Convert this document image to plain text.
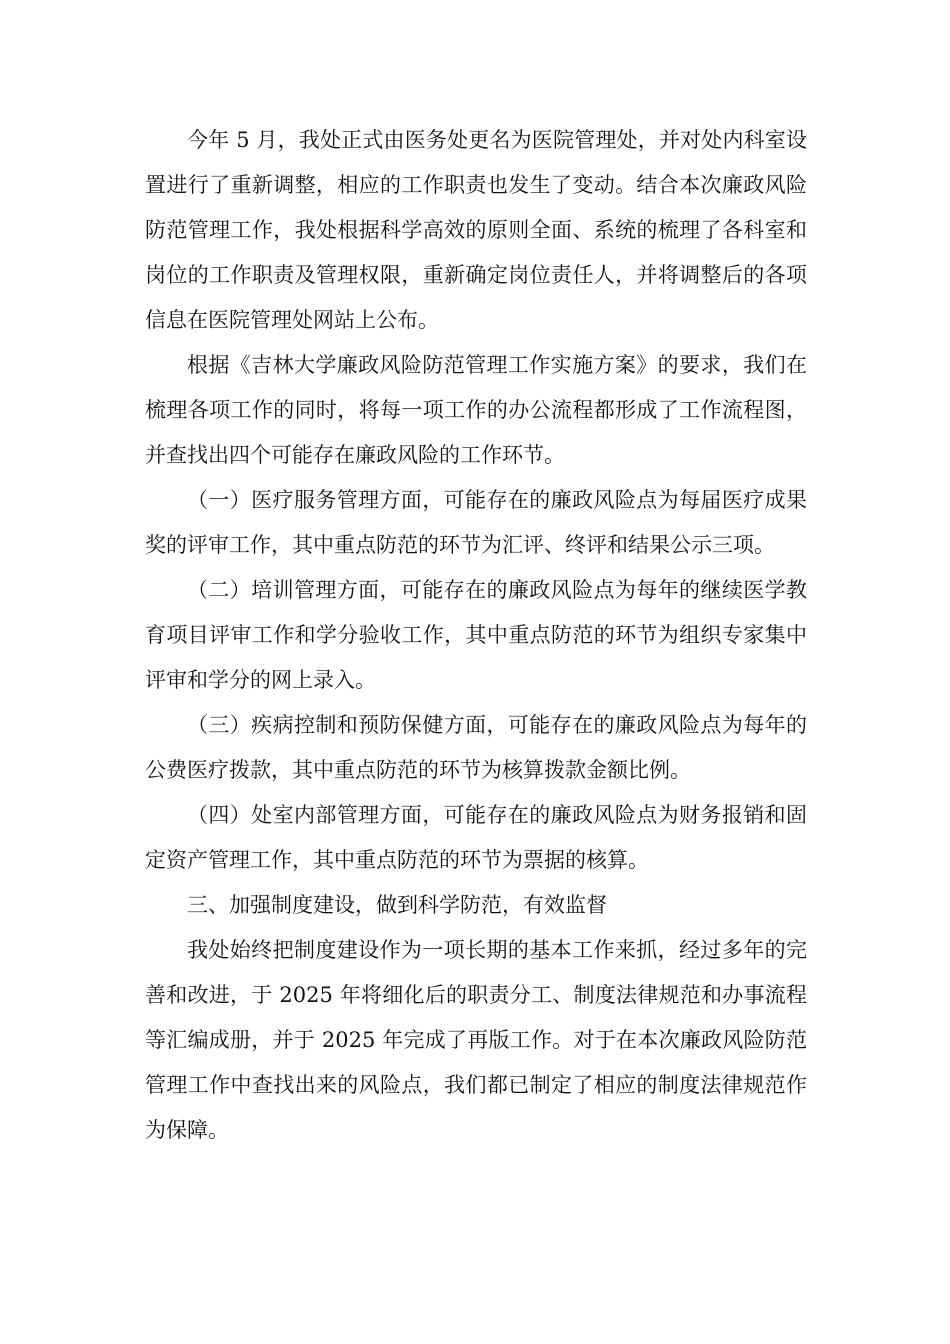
今年 5 月，我处正式由医务处更名为医院管理处，并对处内科室设置进行了重新调整，相应的工作职责也发生了变动。结合本次廉政风险防范管理工作，我处根据科学高效的原则全面、系统的梳理了各科室和岗位的工作职责及管理权限，重新确定岗位责任人，并将调整后的各项信息在医院管理处网站上公布。

根据《吉林大学廉政风险防范管理工作实施方案》的要求，我们在梳理各项工作的同时，将每一项工作的办公流程都形成了工作流程图，并查找出四个可能存在廉政风险的工作环节。

（一）医疗服务管理方面，可能存在的廉政风险点为每届医疗成果奖的评审工作，其中重点防范的环节为汇评、终评和结果公示三项。

（二）培训管理方面，可能存在的廉政风险点为每年的继续医学教育项目评审工作和学分验收工作，其中重点防范的环节为组织专家集中评审和学分的网上录入。

（三）疾病控制和预防保健方面，可能存在的廉政风险点为每年的公费医疗拨款，其中重点防范的环节为核算拨款金额比例。

（四）处室内部管理方面，可能存在的廉政风险点为财务报销和固定资产管理工作，其中重点防范的环节为票据的核算。

三、加强制度建设，做到科学防范，有效监督

我处始终把制度建设作为一项长期的基本工作来抓，经过多年的完善和改进，于 2025 年将细化后的职责分工、制度法律规范和办事流程等汇编成册，并于 2025 年完成了再版工作。对于在本次廉政风险防范管理工作中查找出来的风险点，我们都已制定了相应的制度法律规范作为保障。
